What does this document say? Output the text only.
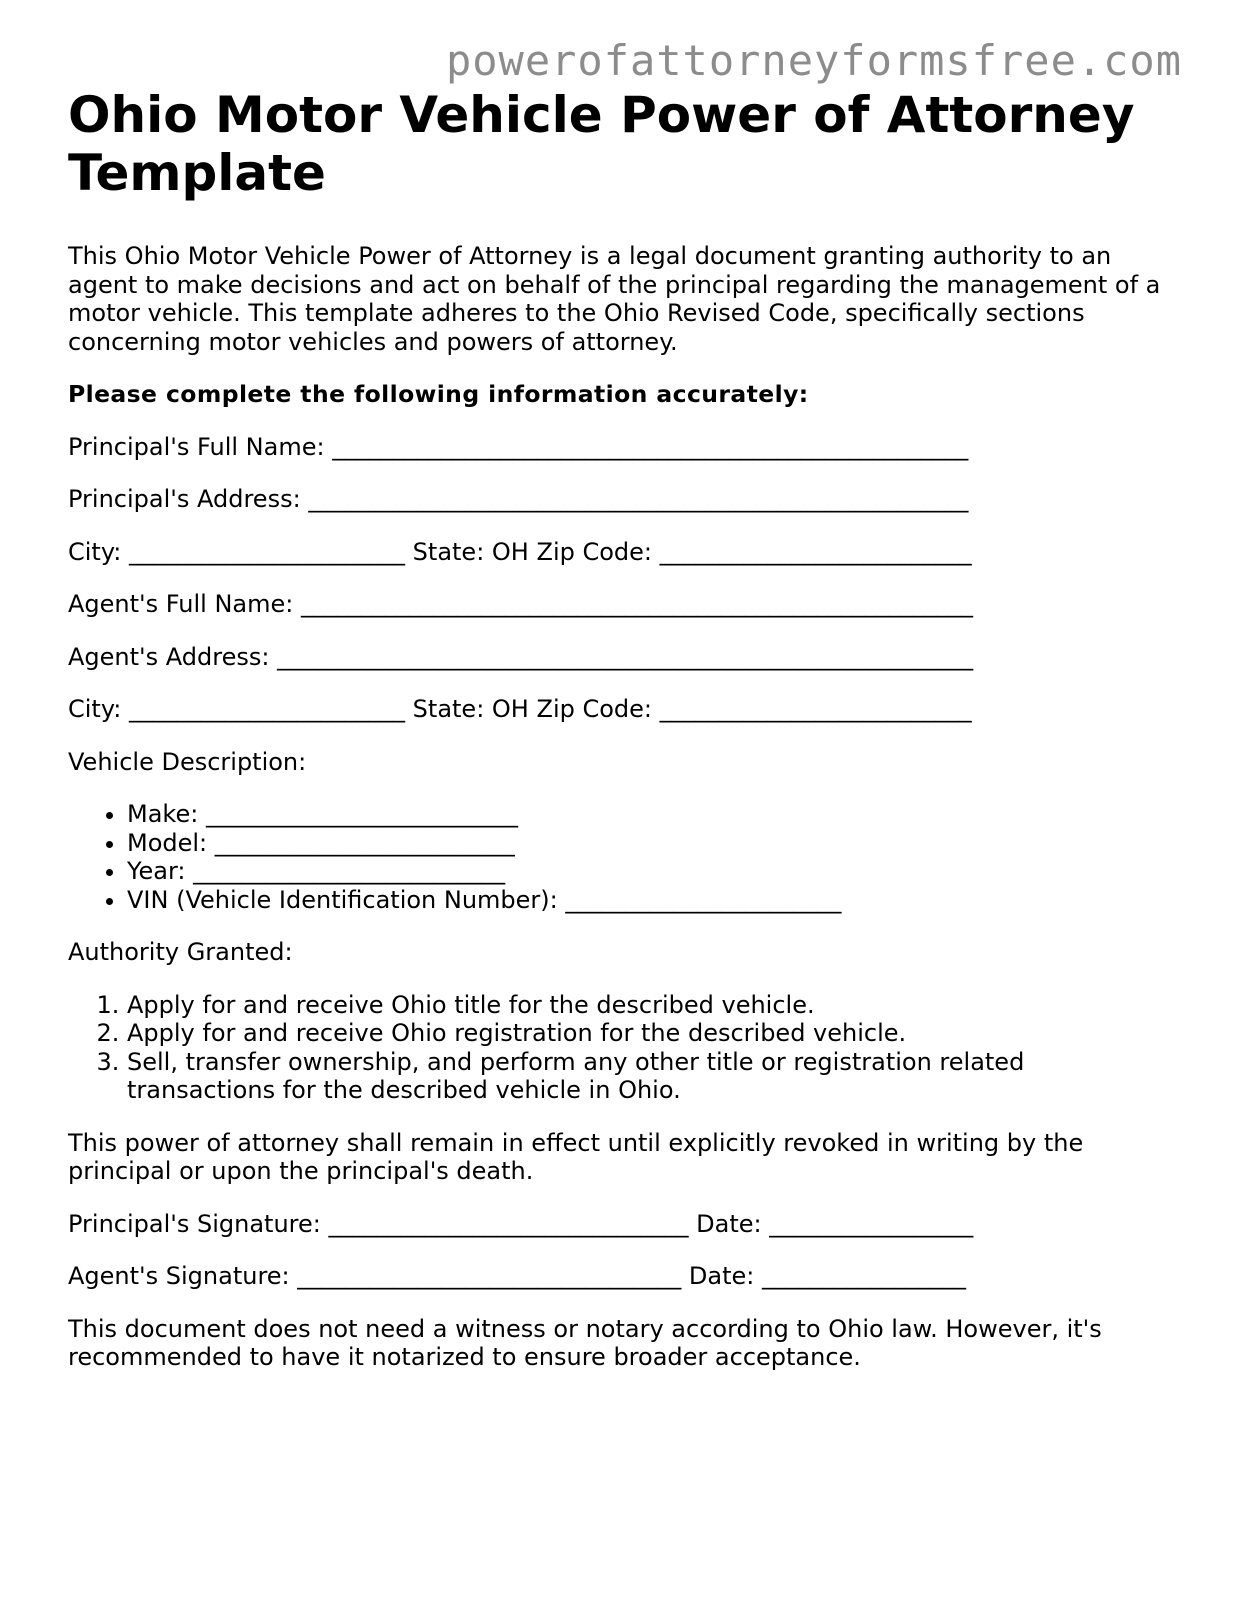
powerofattorneyformsfree.com
Ohio Motor Vehicle Power of Attorney Template

This Ohio Motor Vehicle Power of Attorney is a legal document granting authority to an agent to make decisions and act on behalf of the principal regarding the management of a motor vehicle. This template adheres to the Ohio Revised Code, specifically sections concerning motor vehicles and powers of attorney.

Please complete the following information accurately:

Principal's Full Name: _____________________________________________________

Principal's Address: _______________________________________________________

City: _______________________ State: OH Zip Code: __________________________

Agent's Full Name: ________________________________________________________

Agent's Address: __________________________________________________________

City: _______________________ State: OH Zip Code: __________________________

Vehicle Description:

• Make: __________________________
• Model: _________________________
• Year: __________________________
• VIN (Vehicle Identification Number): _______________________

Authority Granted:

1. Apply for and receive Ohio title for the described vehicle.
2. Apply for and receive Ohio registration for the described vehicle.
3. Sell, transfer ownership, and perform any other title or registration related transactions for the described vehicle in Ohio.

This power of attorney shall remain in effect until explicitly revoked in writing by the principal or upon the principal's death.

Principal's Signature: ______________________________ Date: _________________

Agent's Signature: ________________________________ Date: _________________

This document does not need a witness or notary according to Ohio law. However, it's recommended to have it notarized to ensure broader acceptance.
